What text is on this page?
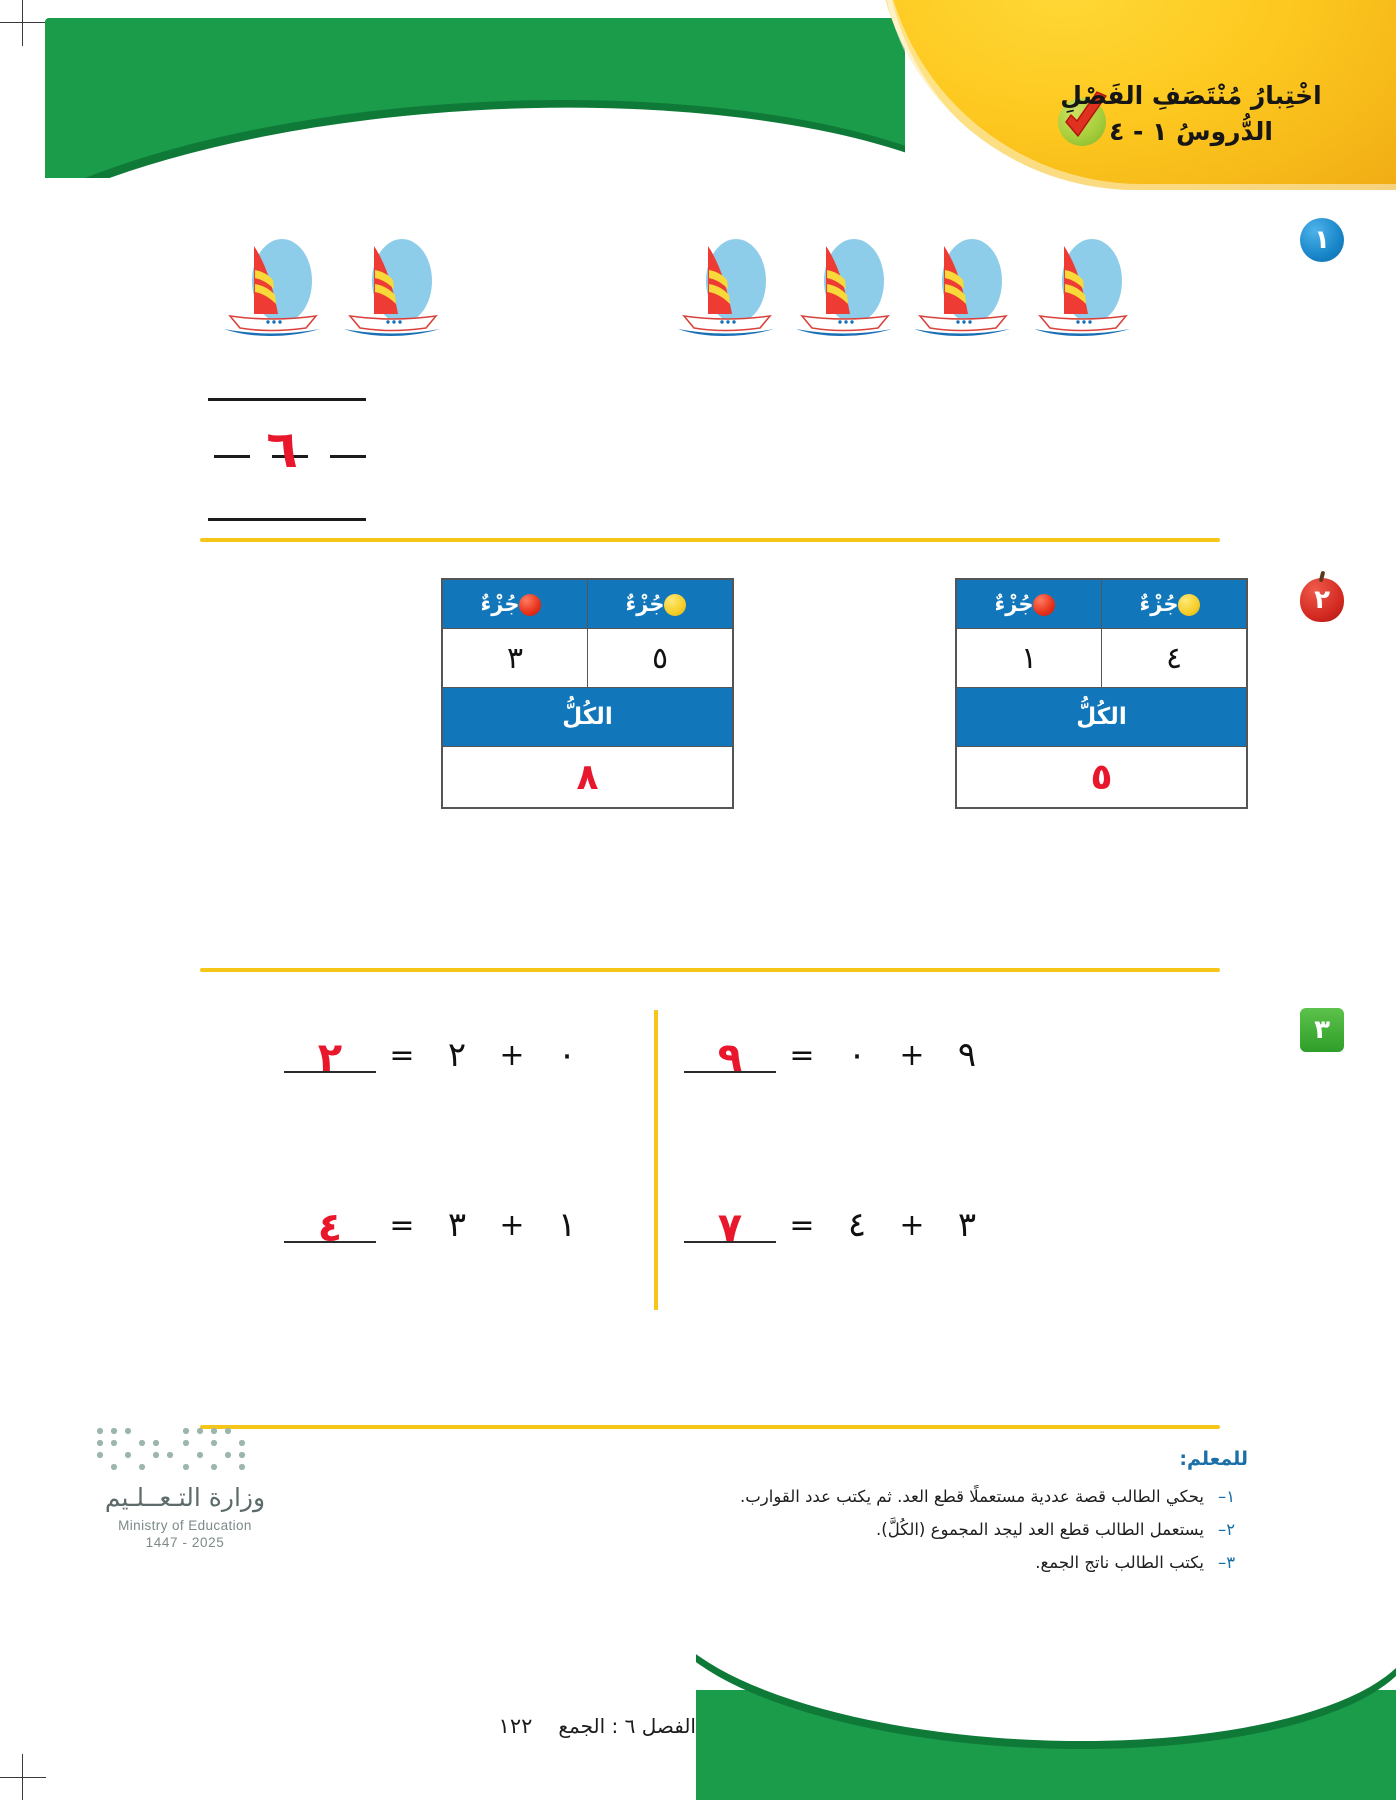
اخْتِبارُ مُنْتَصَفِ الفَصْلِ
الدُّروسُ ١ - ٤
١
٦
٢
جُزْءٌ	جُزْءٌ
٤	١
الكُلُّ	
٥	
جُزْءٌ	جُزْءٌ
٥	٣
الكُلُّ	
٨	
٣
٠
+
٢
=
٢
١
+
٣
=
٤
٩
+
٠
=
٩
٣
+
٤
=
٧
للمعلم:
١–
يحكي الطالب قصة عددية مستعملًا قطع العد. ثم يكتب عدد القوارب.
٢–
يستعمل الطالب قطع العد ليجد المجموع (الكُلَّ).
٣–
يكتب الطالب ناتج الجمع.
وزارة التـعــلـيم
Ministry of Education
2025 - 1447
الفصل ٦ : الجمع
١٢٢
